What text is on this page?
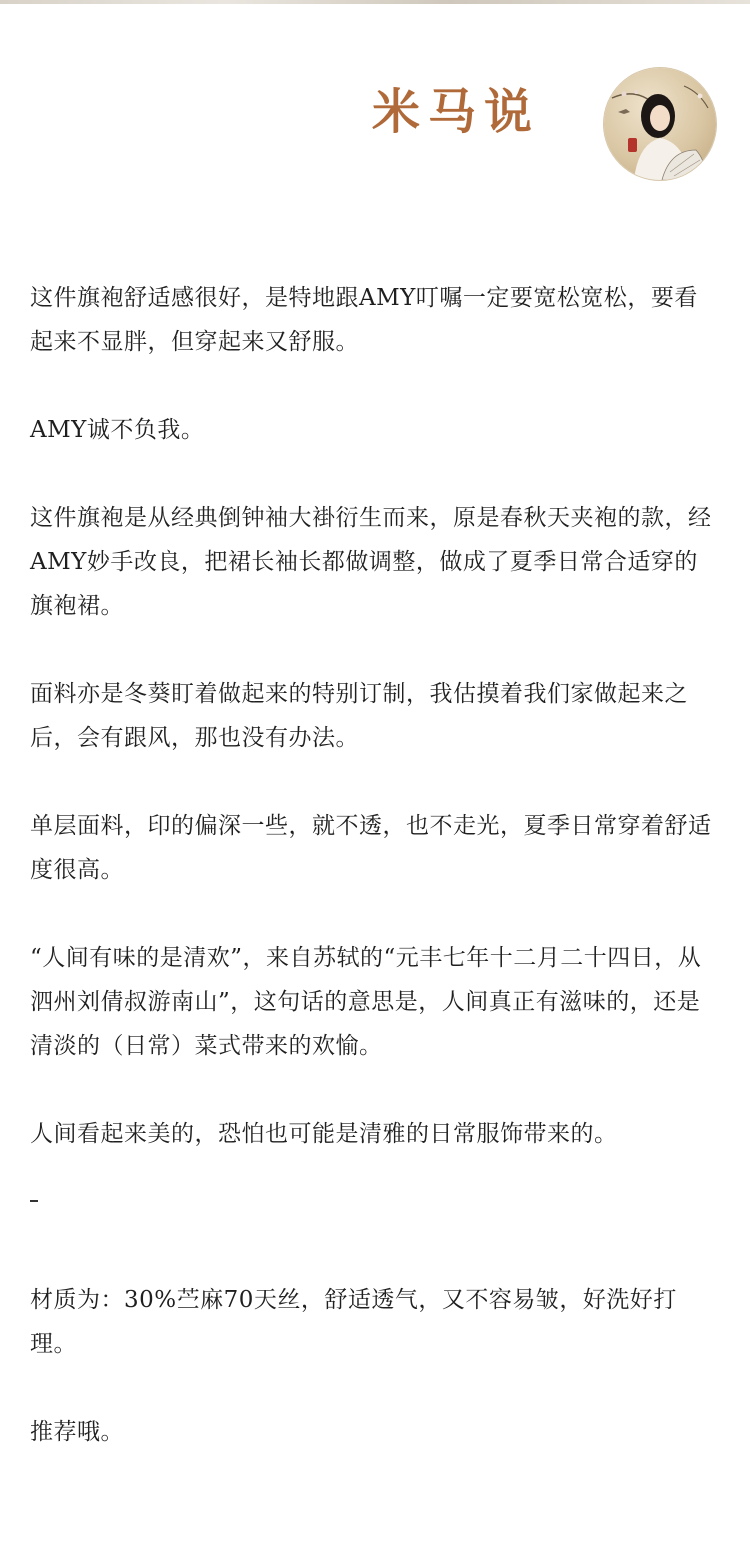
米马说

这件旗袍舒适感很好，是特地跟AMY叮嘱一定要宽松宽松，要看起来不显胖，但穿起来又舒服。

AMY诚不负我。

这件旗袍是从经典倒钟袖大褂衍生而来，原是春秋天夹袍的款，经AMY妙手改良，把裙长袖长都做调整，做成了夏季日常合适穿的旗袍裙。

面料亦是冬葵盯着做起来的特别订制，我估摸着我们家做起来之后，会有跟风，那也没有办法。

单层面料，印的偏深一些，就不透，也不走光，夏季日常穿着舒适度很高。

“人间有味的是清欢”，来自苏轼的“元丰七年十二月二十四日，从泗州刘倩叔游南山”，这句话的意思是，人间真正有滋味的，还是清淡的（日常）菜式带来的欢愉。

人间看起来美的，恐怕也可能是清雅的日常服饰带来的。

材质为：30%苎麻70天丝，舒适透气，又不容易皱，好洗好打理。

推荐哦。
